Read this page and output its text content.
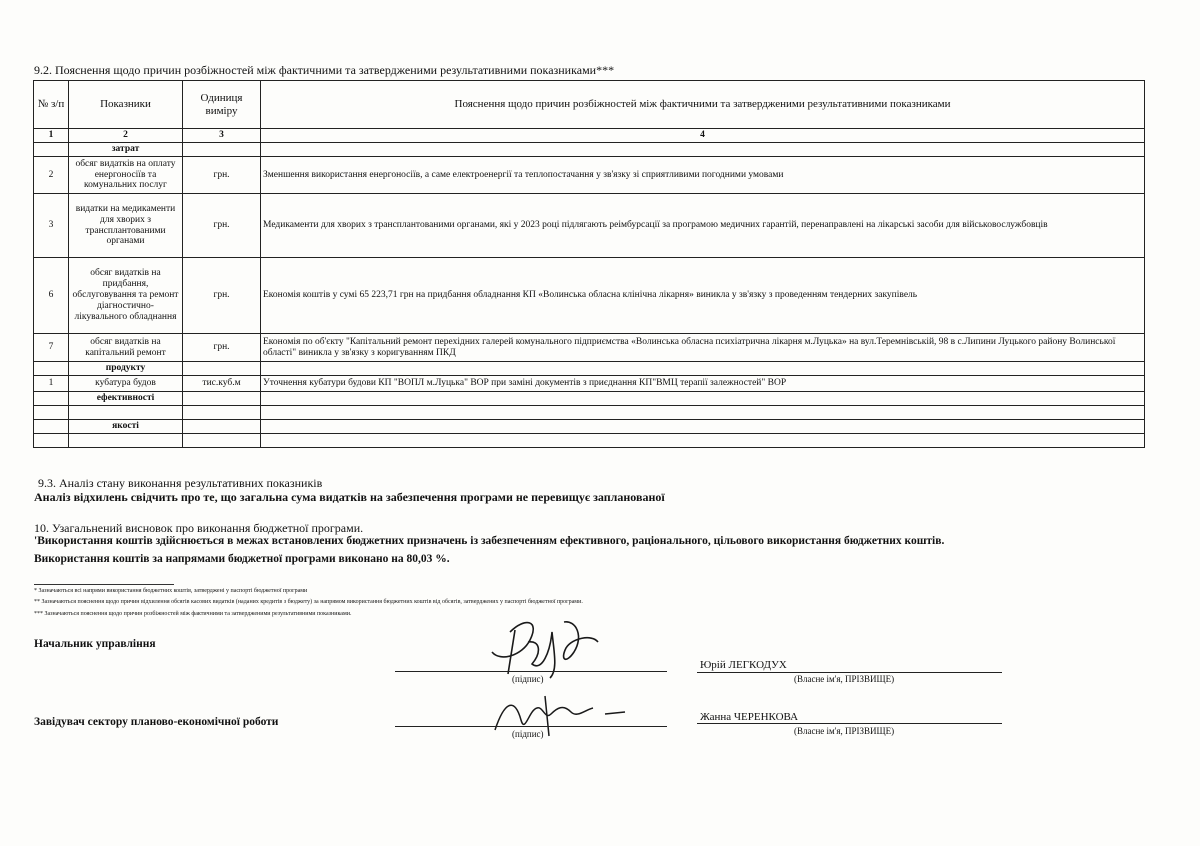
9.2. Пояснення щодо причин розбіжностей між фактичними та затвердженими результативними показниками***
№ з/п	Показники	Одиниця виміру	Пояснення щодо причин розбіжностей між фактичними та затвердженими результативними показниками
1	2	3	4
	затрат		
2	обсяг видатків на оплату енергоносіїв та комунальних послуг	грн.	Зменшення використання енергоносіїв, а саме електроенергії та теплопостачання у зв'язку зі сприятливими погодними умовами
3	видатки на медикаменти для хворих з трансплантованими органами	грн.	Медикаменти для хворих з трансплантованими органами, які у 2023 році підлягають реімбурсації за програмою медичних гарантій, перенаправлені на лікарські засоби для військовослужбовців
6	обсяг видатків на придбання, обслуговування та ремонт діагностично-лікувального обладнання	грн.	Економія коштів у сумі 65 223,71 грн на придбання обладнання КП «Волинська обласна клінічна лікарня» виникла у зв'язку з проведенням тендерних закупівель
7	обсяг видатків на капітальний ремонт	грн.	Економія по об'єкту "Капітальний ремонт перехідних галерей комунального підприємства «Волинська обласна психіатрична лікарня м.Луцька» на вул.Теремнівській, 98 в с.Липини Луцького району Волинської області" виникла у зв'язку з коригуванням ПКД
	продукту		
1	кубатура будов	тис.куб.м	Уточнення кубатури будови КП "ВОПЛ м.Луцька" ВОР при заміні документів з приєднання КП"ВМЦ терапії залежностей" ВОР
	ефективності		

	якості		

9.3. Аналіз стану виконання результативних показників
Аналіз відхилень свідчить про те, що загальна сума видатків на забезпечення програми не перевищує запланованої
10. Узагальнений висновок про виконання бюджетної програми.
'Використання коштів здійснюється в межах встановлених бюджетних призначень із забезпеченням ефективного, раціонального, цільового використання бюджетних коштів.
Використання коштів за напрямами бюджетної програми виконано на 80,03 %.
* Зазначаються всі напрями використання бюджетних коштів, затверджені у паспорті бюджетної програми
** Зазначаються пояснення щодо причин відхилення обсягів касових видатків (наданих кредитів з бюджету) за напрямом використання бюджетних коштів від обсягів, затверджених у паспорті бюджетної програми.
*** Зазначаються пояснення щодо причин розбіжностей між фактичними та затвердженими результативними показниками.
Начальник управління
(підпис)
Юрій ЛЕГКОДУХ
(Власне ім'я, ПРІЗВИЩЕ)
Завідувач сектору планово-економічної роботи
(підпис)
Жанна ЧЕРЕНКОВА
(Власне ім'я, ПРІЗВИЩЕ)
